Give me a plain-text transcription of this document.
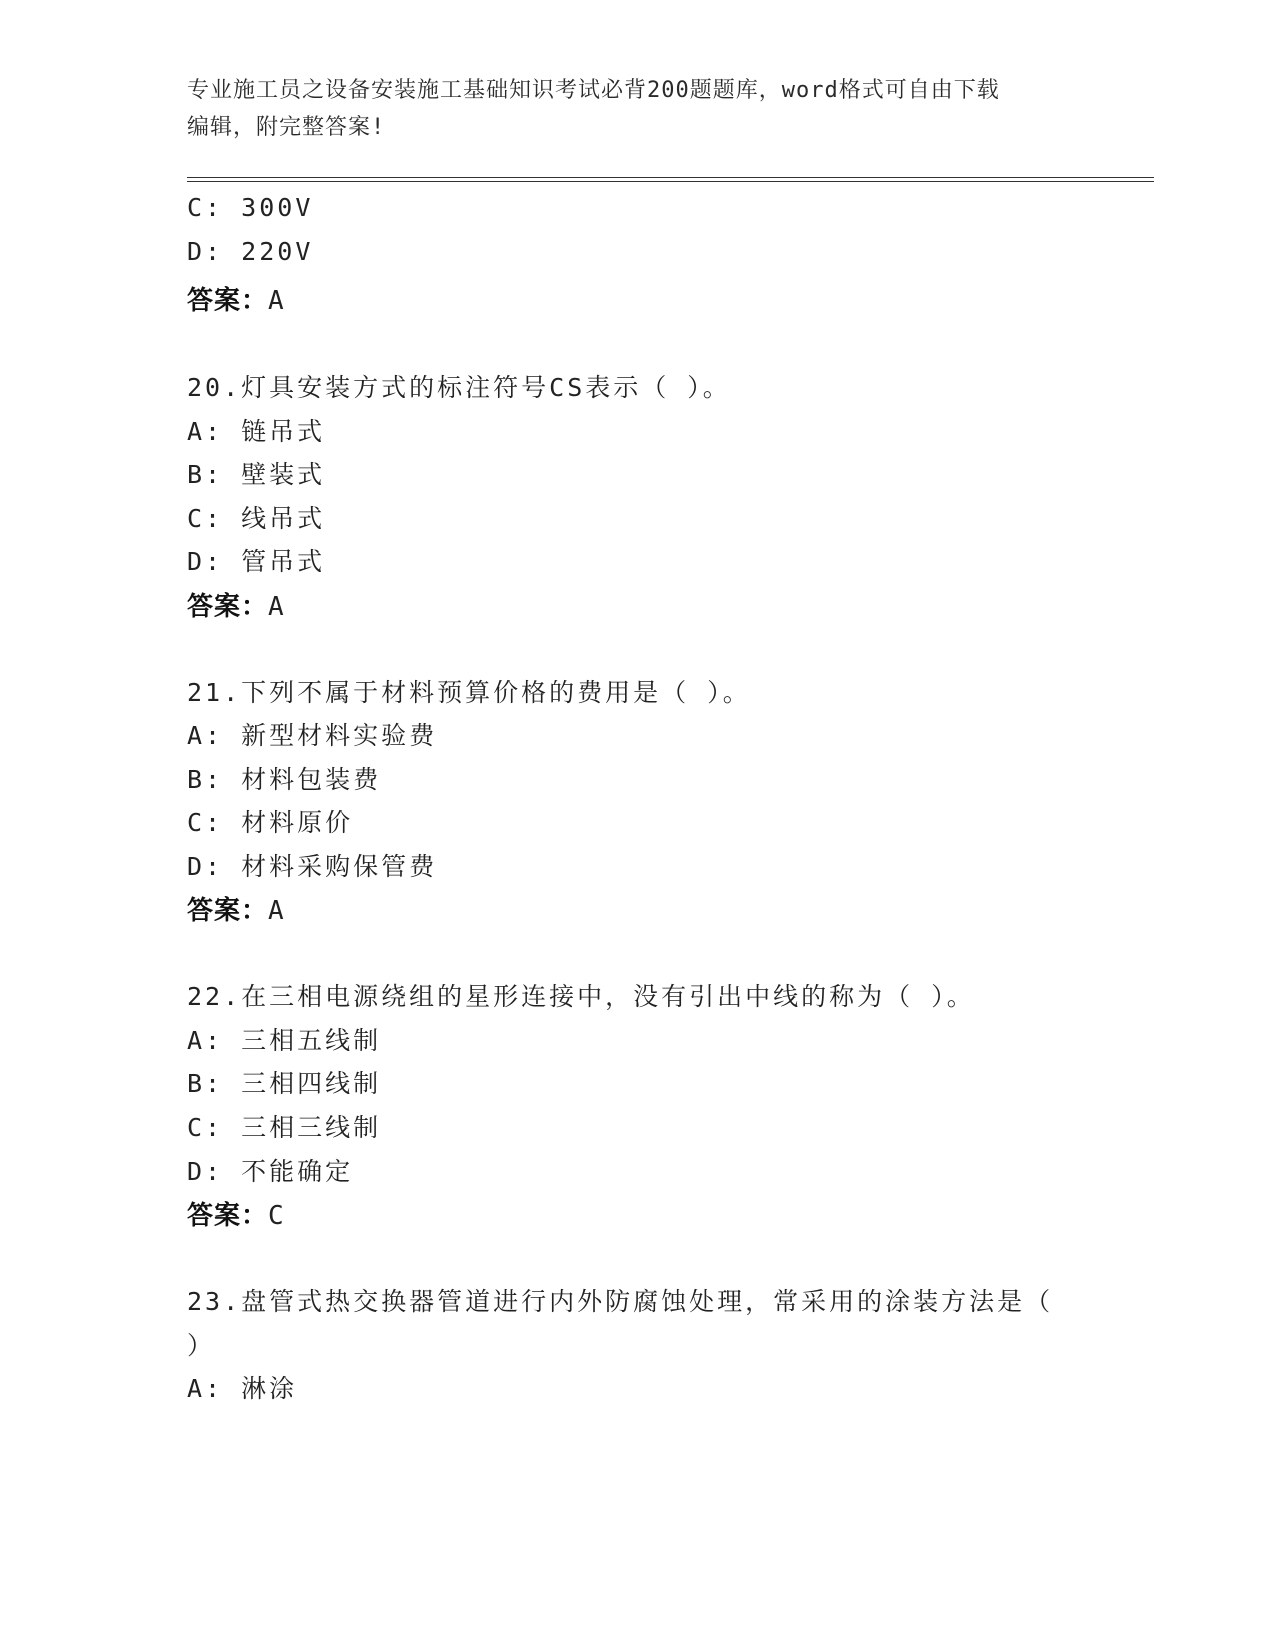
专业施工员之设备安装施工基础知识考试必背200题题库，word格式可自由下载
编辑，附完整答案!
C: 300V
D: 220V
答案：A
20.灯具安装方式的标注符号CS表示（ ）。
A: 链吊式
B: 壁装式
C: 线吊式
D: 管吊式
答案：A
21.下列不属于材料预算价格的费用是（ ）。
A: 新型材料实验费
B: 材料包装费
C: 材料原价
D: 材料采购保管费
答案：A
22.在三相电源绕组的星形连接中，没有引出中线的称为（ ）。
A: 三相五线制
B: 三相四线制
C: 三相三线制
D: 不能确定
答案：C
23.盘管式热交换器管道进行内外防腐蚀处理，常采用的涂装方法是（
）
A: 淋涂
